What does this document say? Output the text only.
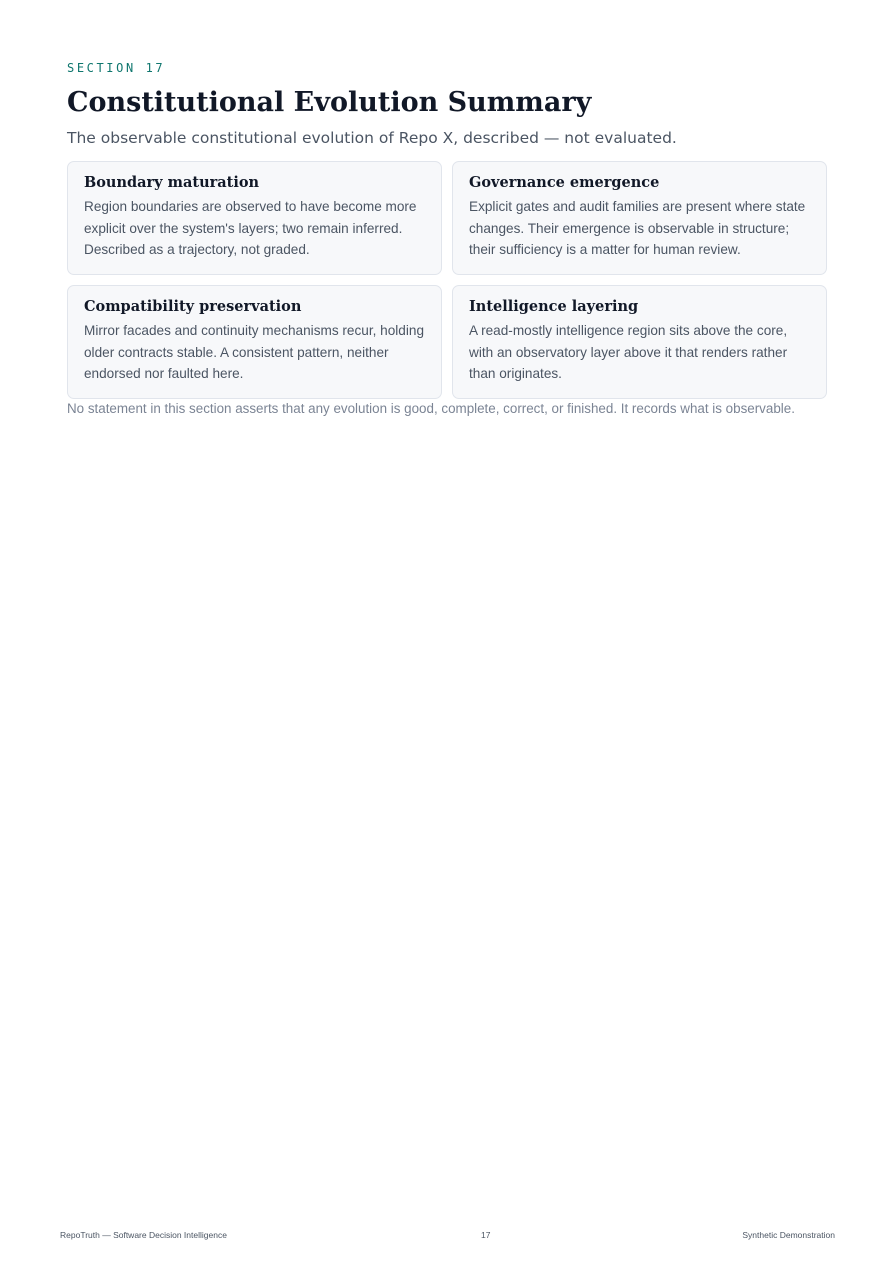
SECTION 17
Constitutional Evolution Summary
The observable constitutional evolution of Repo X, described — not evaluated.
Boundary maturation

Region boundaries are observed to have become more explicit over the system's layers; two remain inferred. Described as a trajectory, not graded.

Governance emergence

Explicit gates and audit families are present where state changes. Their emergence is observable in structure; their sufficiency is a matter for human review.

Compatibility preservation

Mirror facades and continuity mechanisms recur, holding older contracts stable. A consistent pattern, neither endorsed nor faulted here.

Intelligence layering

A read-mostly intelligence region sits above the core, with an observatory layer above it that renders rather than originates.

No statement in this section asserts that any evolution is good, complete, correct, or finished. It records what is observable.
RepoTruth — Software Decision Intelligence	17	Synthetic Demonstration
